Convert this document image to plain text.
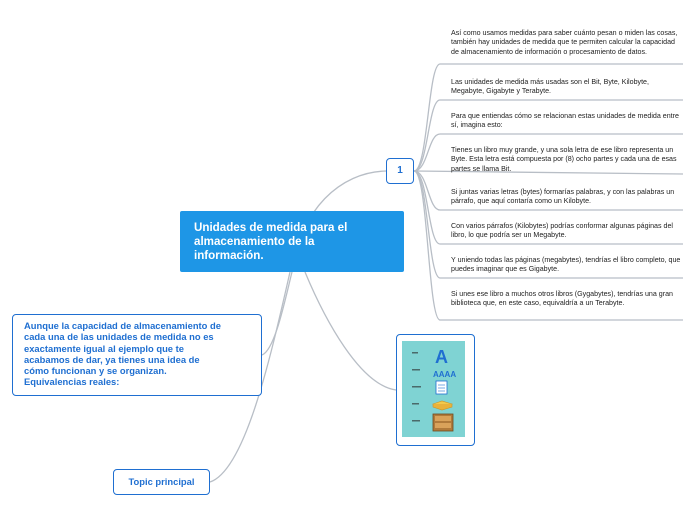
Unidades de medida para el
almacenamiento de la
información.
1
Así como usamos medidas para saber cuánto pesan o miden las cosas, también hay unidades de medida que te permiten calcular la capacidad de almacenamiento de información o procesamiento de datos.
Las unidades de medida más usadas son el Bit, Byte, Kilobyte, Megabyte, Gigabyte y Terabyte.
Para que entiendas cómo se relacionan estas unidades de medida entre sí, imagina esto:
Tienes un libro muy grande, y una sola letra de ese libro representa un Byte. Esta letra está compuesta por (8) ocho partes y cada una de esas partes se llama Bit.
Si juntas varias letras (bytes) formarías palabras, y con las palabras un párrafo, que aquí contaría como un Kilobyte.
Con varios párrafos (Kilobytes) podrías conformar algunas páginas del libro, lo que podría ser un Megabyte.
Y uniendo todas las páginas (megabytes), tendrías el libro completo, que puedes imaginar que es Gigabyte.
Si unes ese libro a muchos otros libros (Gygabytes), tendrías una gran biblioteca que, en este caso, equivaldría a un Terabyte.
A
AAAA
Aunque la capacidad de almacenamiento de
cada una de las unidades de medida no es
exactamente igual al ejemplo que te
acabamos de dar, ya tienes una idea de
cómo funcionan y se organizan.
Equivalencias reales:
Topic principal
